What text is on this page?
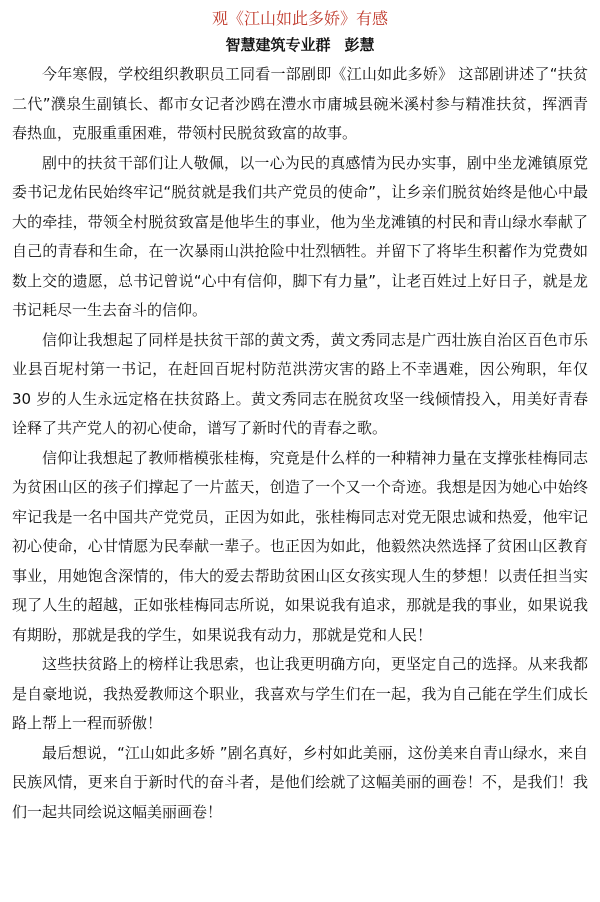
观《江山如此多娇》有感
智慧建筑专业群 彭慧

今年寒假，学校组织教职员工同看一部剧即《江山如此多娇》 这部剧讲述了“扶贫二代”濮泉生副镇长、都市女记者沙鸥在澧水市庸城县碗米溪村参与精准扶贫，挥洒青春热血，克服重重困难，带领村民脱贫致富的故事。

剧中的扶贫干部们让人敬佩，以一心为民的真感情为民办实事，剧中坐龙滩镇原党委书记龙佑民始终牢记“脱贫就是我们共产党员的使命”，让乡亲们脱贫始终是他心中最大的牵挂，带领全村脱贫致富是他毕生的事业，他为坐龙滩镇的村民和青山绿水奉献了自己的青春和生命，在一次暴雨山洪抢险中壮烈牺牲。并留下了将毕生积蓄作为党费如数上交的遗愿，总书记曾说“心中有信仰，脚下有力量”，让老百姓过上好日子，就是龙书记耗尽一生去奋斗的信仰。

信仰让我想起了同样是扶贫干部的黄文秀，黄文秀同志是广西壮族自治区百色市乐业县百坭村第一书记，在赶回百坭村防范洪涝灾害的路上不幸遇难，因公殉职，年仅 30 岁的人生永远定格在扶贫路上。黄文秀同志在脱贫攻坚一线倾情投入，用美好青春诠释了共产党人的初心使命，谱写了新时代的青春之歌。

信仰让我想起了教师楷模张桂梅，究竟是什么样的一种精神力量在支撑张桂梅同志为贫困山区的孩子们撑起了一片蓝天，创造了一个又一个奇迹。我想是因为她心中始终牢记我是一名中国共产党党员，正因为如此，张桂梅同志对党无限忠诚和热爱，他牢记初心使命，心甘情愿为民奉献一辈子。也正因为如此，他毅然决然选择了贫困山区教育事业，用她饱含深情的，伟大的爱去帮助贫困山区女孩实现人生的梦想！以责任担当实现了人生的超越，正如张桂梅同志所说，如果说我有追求，那就是我的事业，如果说我有期盼，那就是我的学生，如果说我有动力，那就是党和人民！

这些扶贫路上的榜样让我思索，也让我更明确方向，更坚定自己的选择。从来我都是自豪地说，我热爱教师这个职业，我喜欢与学生们在一起，我为自己能在学生们成长路上帮上一程而骄傲！

最后想说，“江山如此多娇 ”剧名真好，乡村如此美丽，这份美来自青山绿水，来自民族风情，更来自于新时代的奋斗者，是他们绘就了这幅美丽的画卷！不，是我们！我们一起共同绘说这幅美丽画卷！
